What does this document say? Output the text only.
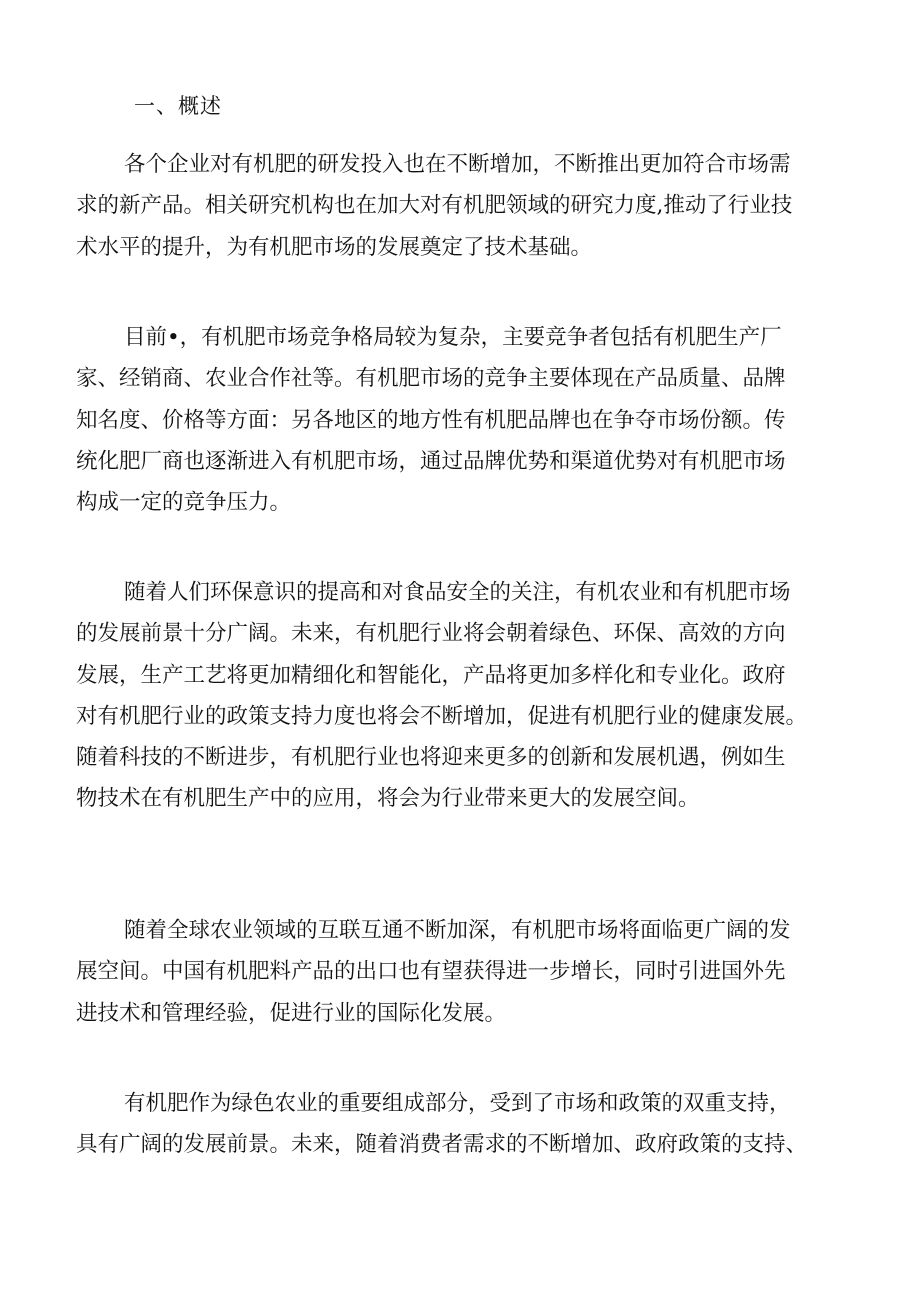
一、概述
各个企业对有机肥的研发投入也在不断增加，不断推出更加符合市场需
求的新产品。相关研究机构也在加大对有机肥领域的研究力度,推动了行业技
术水平的提升，为有机肥市场的发展奠定了技术基础。
目前•，有机肥市场竞争格局较为复杂，主要竞争者包括有机肥生产厂
家、经销商、农业合作社等。有机肥市场的竞争主要体现在产品质量、品牌
知名度、价格等方面：另各地区的地方性有机肥品牌也在争夺市场份额。传
统化肥厂商也逐渐进入有机肥市场，通过品牌优势和渠道优势对有机肥市场
构成一定的竞争压力。
随着人们环保意识的提高和对食品安全的关注，有机农业和有机肥市场
的发展前景十分广阔。未来，有机肥行业将会朝着绿色、环保、高效的方向
发展，生产工艺将更加精细化和智能化，产品将更加多样化和专业化。政府
对有机肥行业的政策支持力度也将会不断增加，促进有机肥行业的健康发展。
随着科技的不断进步，有机肥行业也将迎来更多的创新和发展机遇，例如生
物技术在有机肥生产中的应用，将会为行业带来更大的发展空间。
随着全球农业领域的互联互通不断加深，有机肥市场将面临更广阔的发
展空间。中国有机肥料产品的出口也有望获得进一步增长，同时引进国外先
进技术和管理经验，促进行业的国际化发展。
有机肥作为绿色农业的重要组成部分，受到了市场和政策的双重支持，
具有广阔的发展前景。未来，随着消费者需求的不断增加、政府政策的支持、
